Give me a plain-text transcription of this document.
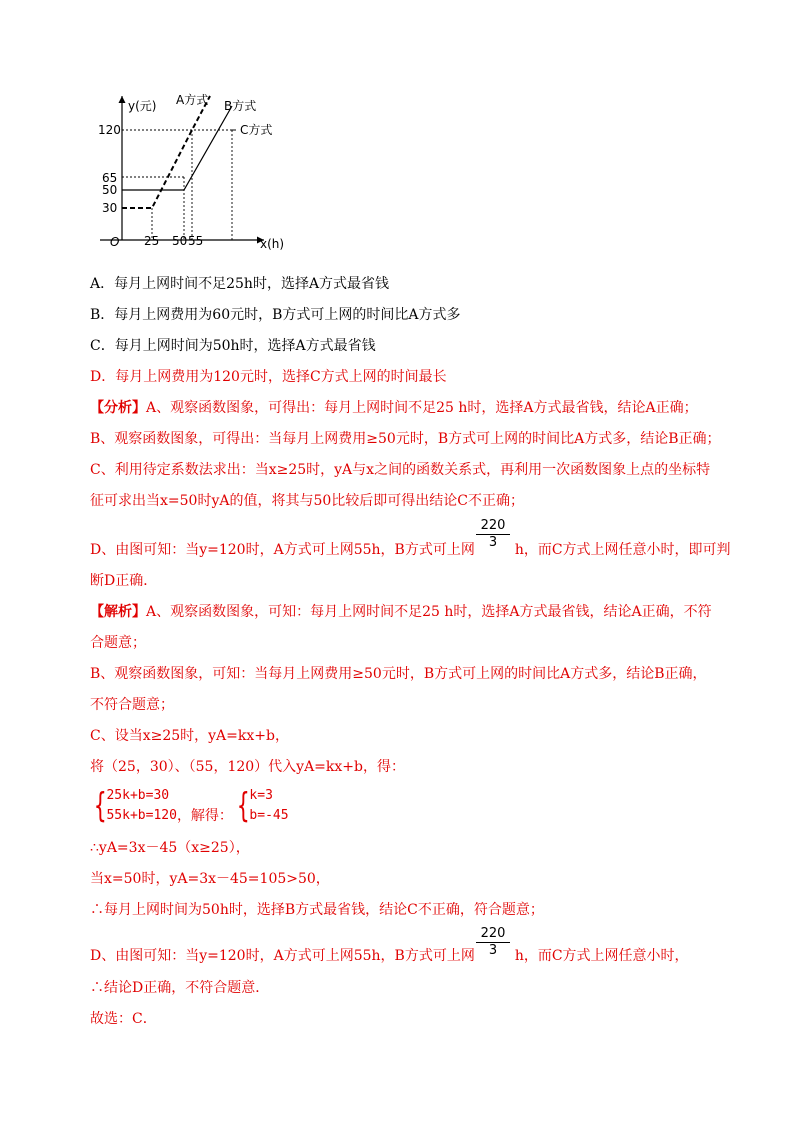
y(元)
x(h)
O
120
65
50
30
25 50 55
A方式 B方式
C方式
A．每月上网时间不足25h时，选择A方式最省钱
B．每月上网费用为60元时，B方式可上网的时间比A方式多
C．每月上网时间为50h时，选择A方式最省钱
D．每月上网费用为120元时，选择C方式上网的时间最长
【分析】A、观察函数图象，可得出：每月上网时间不足25 h时，选择A方式最省钱，结论A正确；
B、观察函数图象，可得出：当每月上网费用≥50元时，B方式可上网的时间比A方式多，结论B正确；
C、利用待定系数法求出：当x≥25时，yA与x之间的函数关系式，再利用一次函数图象上点的坐标特
征可求出当x=50时yA的值，将其与50比较后即可得出结论C不正确；
D、由图可知：当y=120时，A方式可上网55h，B方式可上网	h，而C方式上网任意小时，即可判
$\frac{220}{3}$
断D正确．
【解析】A、观察函数图象，可知：每月上网时间不足25 h时，选择A方式最省钱，结论A正确，不符
合题意；
B、观察函数图象，可知：当每月上网费用≥50元时，B方式可上网的时间比A方式多，结论B正确，
不符合题意；
C、设当x≥25时，yA=kx+b，
将（25，30）、（55，120）代入yA=kx+b，得：
{ 25k+b=30
55k+b=120 ，解得： { k=3
b=-45
∴yA=3x－45（x≥25），
当x=50时，yA=3x－45=105>50，
∴每月上网时间为50h时，选择B方式最省钱，结论C不正确，符合题意；
D、由图可知：当y=120时，A方式可上网55h，B方式可上网	h，而C方式上网任意小时，
$\frac{220}{3}$
∴结论D正确，不符合题意．
故选：C．
